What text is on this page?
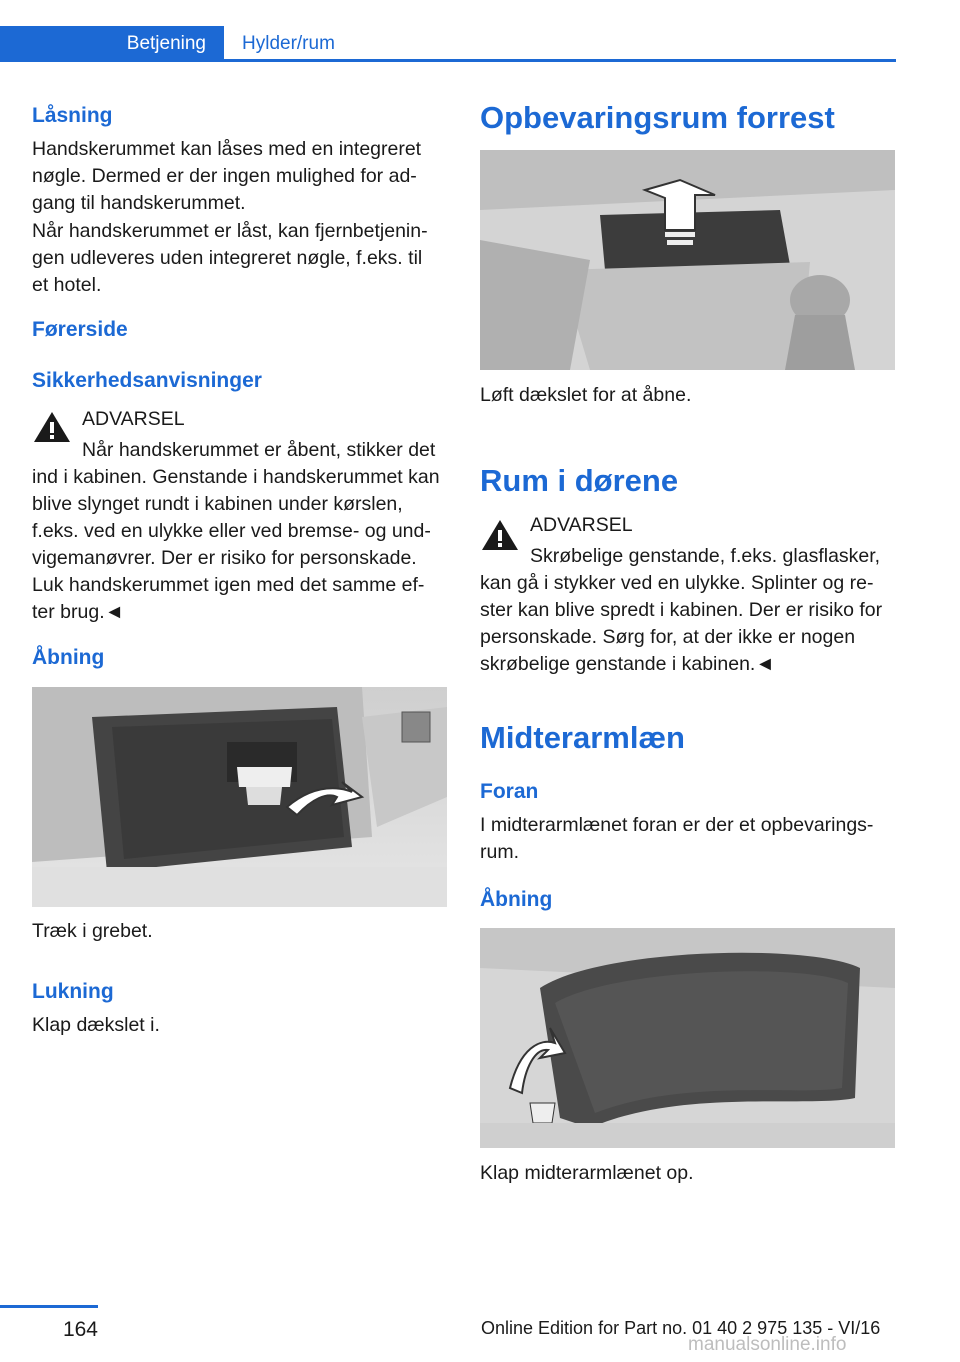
Betjening	Hylder/rum
Låsning

Handskerummet kan låses med en integreret nøgle. Dermed er der ingen mulighed for ad-gang til handskerummet.

Når handskerummet er låst, kan fjernbetjenin-gen udleveres uden integreret nøgle, f.eks. til et hotel.

Førerside
Sikkerhedsanvisninger

ADVARSEL

Når handskerummet er åbent, stikker det

ind i kabinen. Genstande i handskerummet kan blive slynget rundt i kabinen under kørslen, f.eks. ved en ulykke eller ved bremse- og und-vigemanøvrer. Der er risiko for personskade. Luk handskerummet igen med det samme ef-ter brug.◄

Åbning

Træk i grebet.

Lukning

Klap dækslet i.

Opbevaringsrum forrest

Løft dækslet for at åbne.

Rum i dørene

ADVARSEL

Skrøbelige genstande, f.eks. glasflasker,

kan gå i stykker ved en ulykke. Splinter og re-ster kan blive spredt i kabinen. Der er risiko for personskade. Sørg for, at der ikke er nogen skrøbelige genstande i kabinen.◄

Midterarmlæn
Foran

I midterarmlænet foran er der et opbevarings-rum.

Åbning

Klap midterarmlænet op.

164	Online Edition for Part no. 01 40 2 975 135 - VI/16
manualsonline.info
